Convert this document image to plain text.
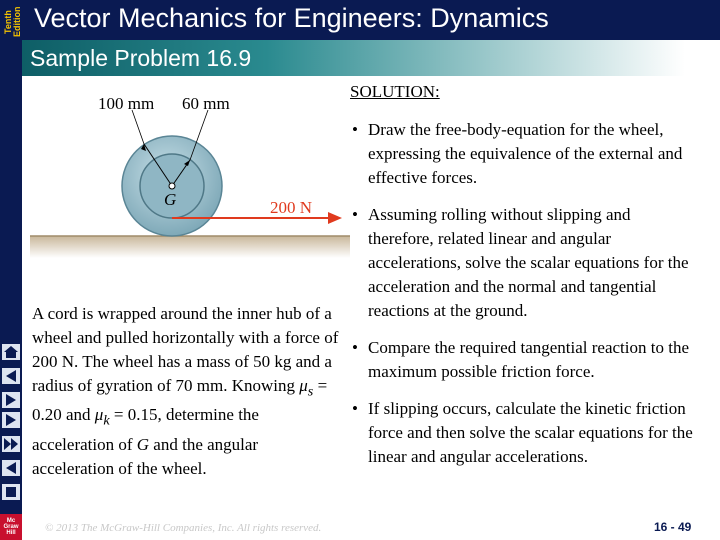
Tenth Edition Vector Mechanics for Engineers: Dynamics
Sample Problem 16.9
100 mm 60 mm
G	200 N
A cord is wrapped around the inner hub of a wheel and pulled horizontally with a force of 200 N. The wheel has a mass of 50 kg and a radius of gyration of 70 mm. Knowing $\mu_s = 0.20$ and $\mu_k = 0.15$, determine the acceleration of G and the angular acceleration of the wheel.
SOLUTION:
• Draw the free-body-equation for the wheel, expressing the equivalence of the external and effective forces.
• Assuming rolling without slipping and therefore, related linear and angular accelerations, solve the scalar equations for the acceleration and the normal and tangential reactions at the ground.
• Compare the required tangential reaction to the maximum possible friction force.
• If slipping occurs, calculate the kinetic friction force and then solve the scalar equations for the linear and angular accelerations.
Mc
Graw
Hill	© 2013 The McGraw-Hill Companies, Inc. All rights reserved.	16 - 49
